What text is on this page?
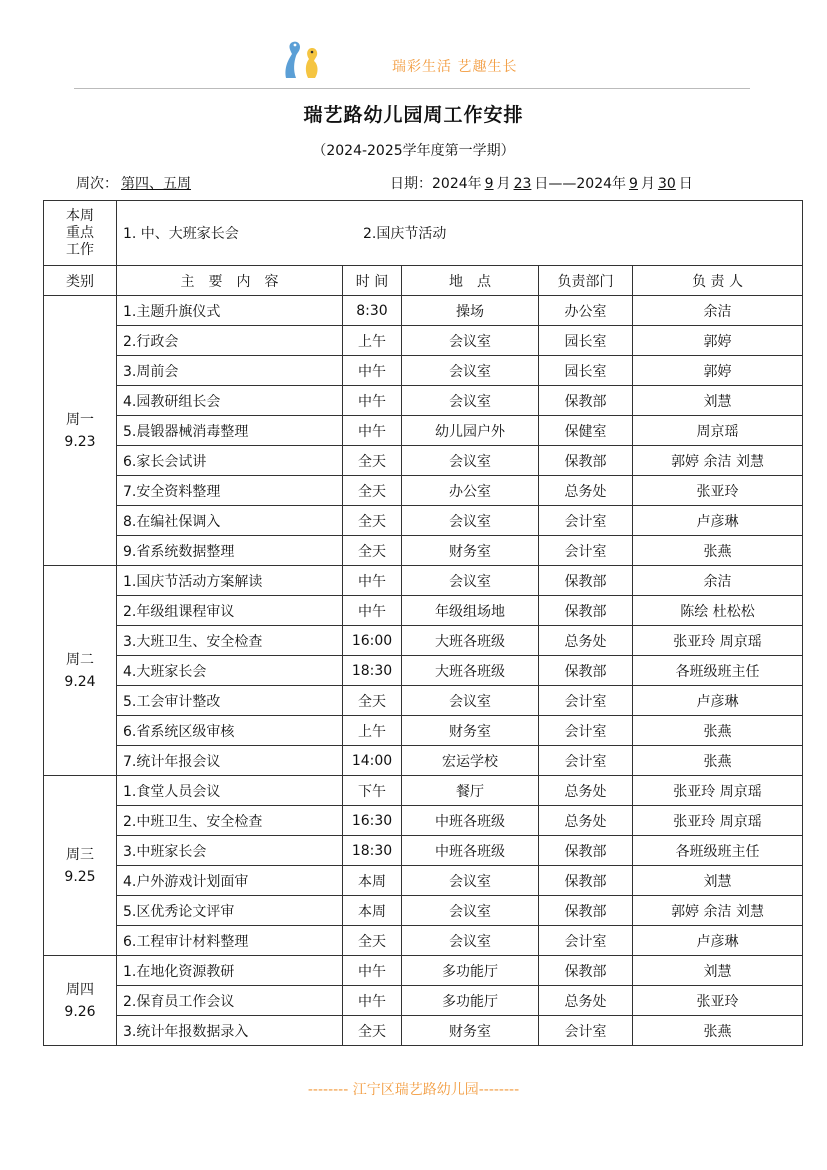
瑞彩生活 艺趣生长
瑞艺路幼儿园周工作安排
（2024-2025学年度第一学期）
周次： 第四、五周	日期：2024年 9 月 23 日——2024年 9 月 30 日
本周
重点
工作	1. 中、大班家长会 2.国庆节活动				
类别	主　要　内　容	时 间	地　点	负责部门	负 责 人

周一
9.23	1.主题升旗仪式	8:30	操场	办公室	余洁
	2.行政会	上午	会议室	园长室	郭婷
	3.周前会	中午	会议室	园长室	郭婷
	4.园教研组长会	中午	会议室	保教部	刘慧
	5.晨锻器械消毒整理	中午	幼儿园户外	保健室	周京瑶
	6.家长会试讲	全天	会议室	保教部	郭婷 余洁 刘慧
	7.安全资料整理	全天	办公室	总务处	张亚玲
	8.在编社保调入	全天	会议室	会计室	卢彦琳
	9.省系统数据整理	全天	财务室	会计室	张燕

周二
9.24	1.国庆节活动方案解读	中午	会议室	保教部	余洁
	2.年级组课程审议	中午	年级组场地	保教部	陈绘 杜松松
	3.大班卫生、安全检查	16:00	大班各班级	总务处	张亚玲 周京瑶
	4.大班家长会	18:30	大班各班级	保教部	各班级班主任
	5.工会审计整改	全天	会议室	会计室	卢彦琳
	6.省系统区级审核	上午	财务室	会计室	张燕
	7.统计年报会议	14:00	宏运学校	会计室	张燕

周三
9.25	1.食堂人员会议	下午	餐厅	总务处	张亚玲 周京瑶
	2.中班卫生、安全检查	16:30	中班各班级	总务处	张亚玲 周京瑶
	3.中班家长会	18:30	中班各班级	保教部	各班级班主任
	4.户外游戏计划面审	本周	会议室	保教部	刘慧
	5.区优秀论文评审	本周	会议室	保教部	郭婷 余洁 刘慧
	6.工程审计材料整理	全天	会议室	会计室	卢彦琳

周四
9.26	1.在地化资源教研	中午	多功能厅	保教部	刘慧
	2.保育员工作会议	中午	多功能厅	总务处	张亚玲
	3.统计年报数据录入	全天	财务室	会计室	张燕
-------- 江宁区瑞艺路幼儿园--------
